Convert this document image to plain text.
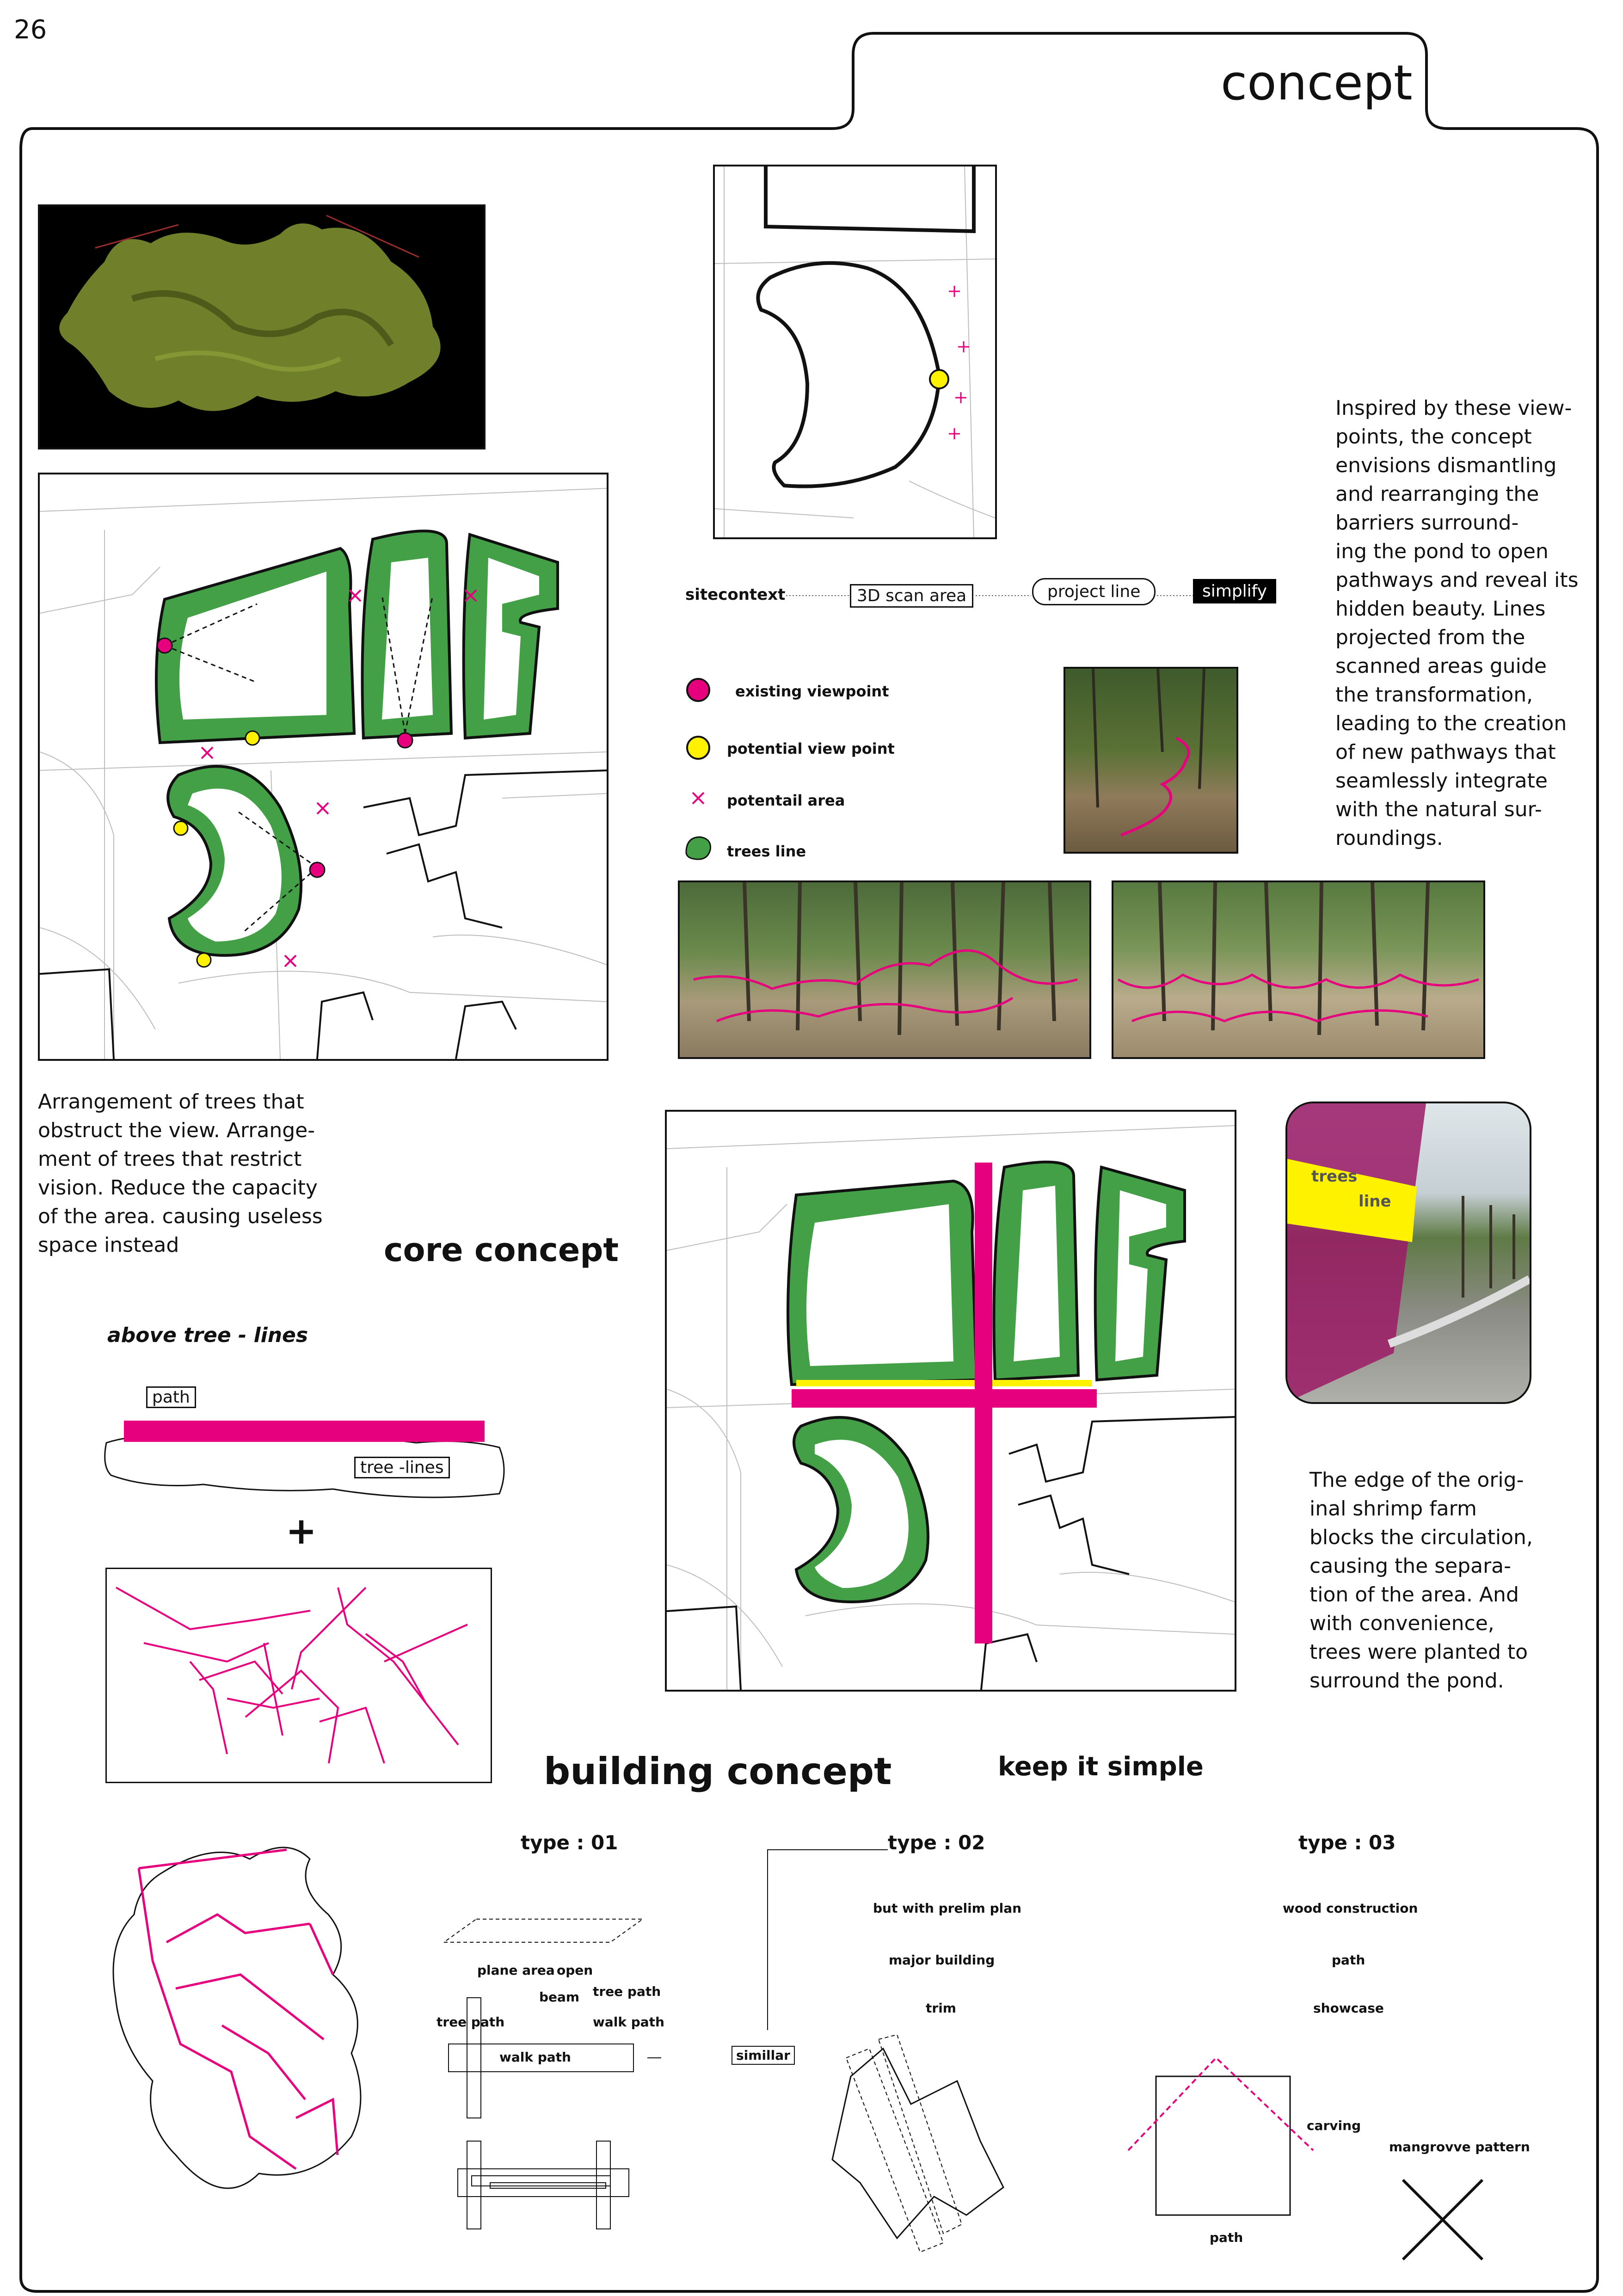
26
concept
sitecontext	3D scan area	project line	simplify
existing viewpoint
potential view point
potentail area
trees line
Inspired by these view-
points, the concept
envisions dismantling
and rearranging the
barriers surround-
ing the pond to open
pathways and reveal its
hidden beauty. Lines
projected from the
scanned areas guide
the transformation,
leading to the creation
of new pathways that
seamlessly integrate
with the natural sur-
roundings.
Arrangement of trees that
obstruct the view. Arrange-
ment of trees that restrict
vision. Reduce the capacity
of the area. causing useless
space instead	core concept
above tree - lines
path
tree -lines
+
trees
line
The edge of the orig-
inal shrimp farm
blocks the circulation,
causing the separa-
tion of the area. And
with convenience,
trees were planted to
surround the pond.
building concept	keep it simple
type : 01
plane area open
beam tree path
tree path	walk path
walk path	simillar
type : 02
but with prelim plan
major building
trim
type : 03
wood construction
path
showcase
carving
mangrovve pattern
path
